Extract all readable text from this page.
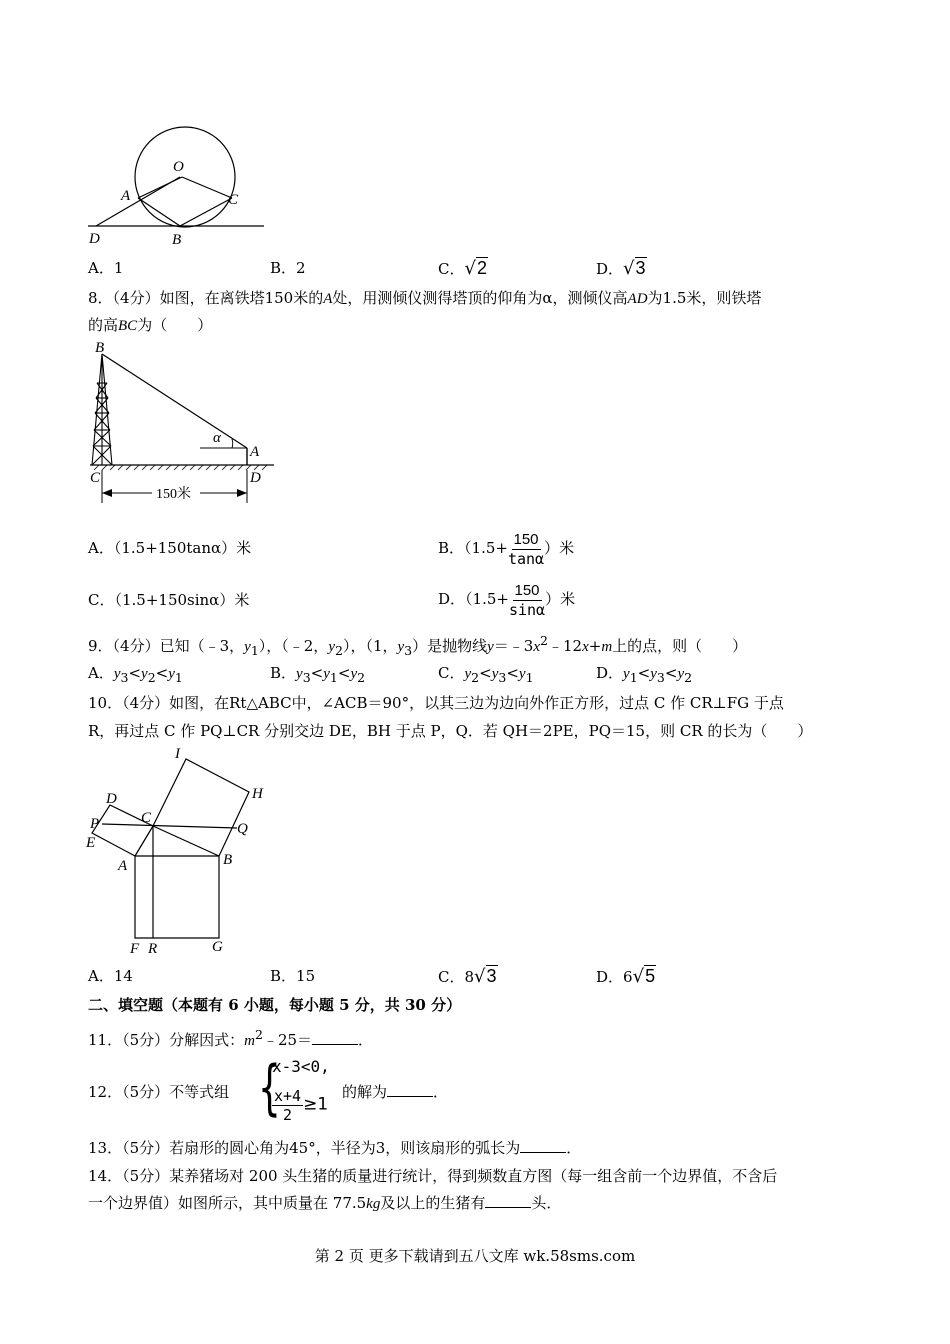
O
A	C
D	B
A．1	B．2	C．√2	D．√3
8．（4分）如图，在离铁塔150米的A处，用测倾仪测得塔顶的仰角为α，测倾仪高AD为1.5米，则铁塔
的高BC为（　　）
150米
B
C
A
D
α
A．（1.5+150tanα）米	B．（$1.5+ \frac{150}{\tan\alpha}$ ）米
C．（1.5+150sinα）米	D．（$1.5+ \frac{150}{\sin\alpha}$ ）米
9．（4分）已知（﹣3，$y_1$），（﹣2，$y_2$），（1，$y_3$）是抛物线$y=﹣3x^2﹣12x+m$上的点，则（　　）
A．$y_3<y_2<y_1$	B．$y_3<y_1<y_2$	C．$y_2<y_3<y_1$	D．$y_1<y_3<y_2$
10．（4分）如图，在Rt△ABC中，∠ACB＝90°，以其三边为边向外作正方形，过点 C 作 CR⊥FG 于点
R，再过点 C 作 PQ⊥CR 分别交边 DE，BH 于点 P，Q．若 QH＝2PE，PQ＝15，则 CR 的长为（　　）
I
H
D
C
Q
P
E
A	B
F R	G
A．14	B．15	C．8√3	D．6√5
二、填空题（本题有 6 小题，每小题 5 分，共 30 分）
11．（5分）分解因式：$m^2﹣25=$	．
12．（5分）不等式组 {
x-3<0,
$\frac{x+4}{2} \ge 1$
的解为	．
13．（5分）若扇形的圆心角为45°，半径为3，则该扇形的弧长为	．
14．（5分）某养猪场对 200 头生猪的质量进行统计，得到频数直方图（每一组含前一个边界值，不含后
一个边界值）如图所示，其中质量在 77.5kg及以上的生猪有	头．
第 2 页 更多下载请到五八文库 wk.58sms.com
